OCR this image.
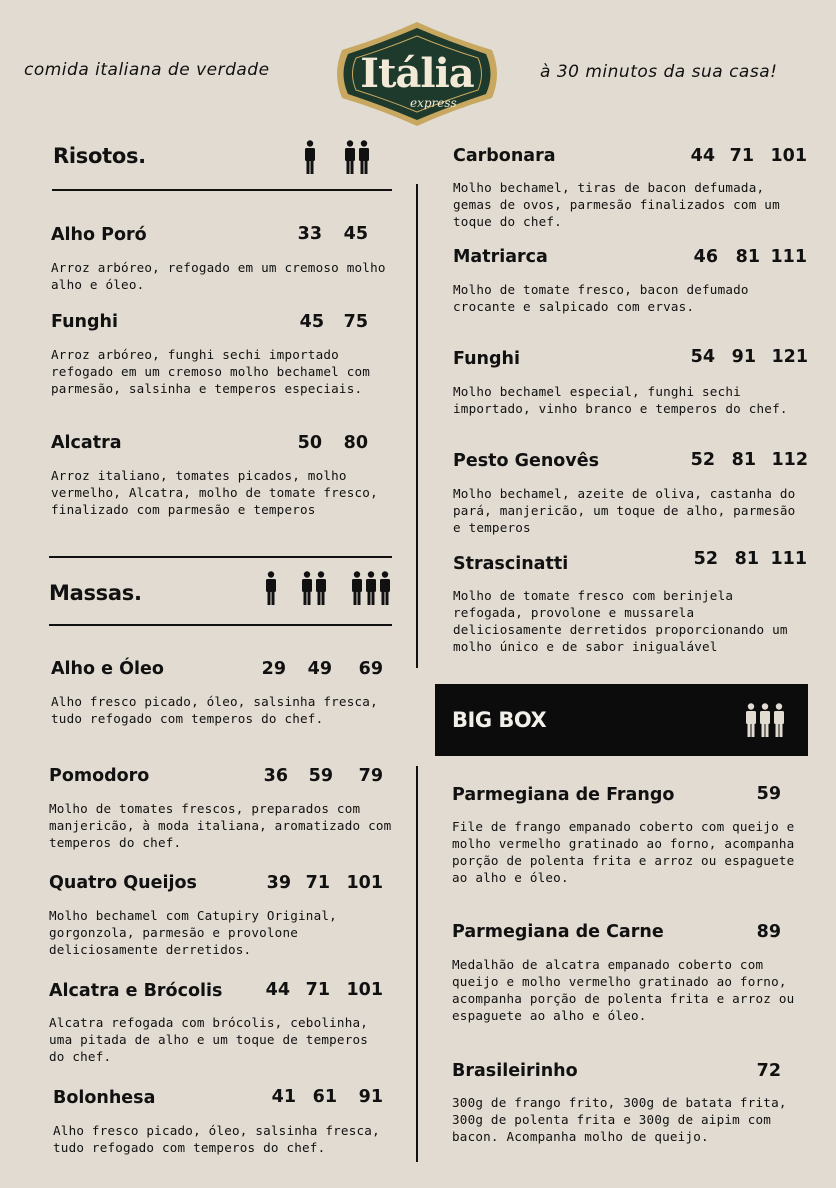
comida italiana de verdade	à 30 minutos da sua casa!
Itália
express
Risotos.
Alho Poró	33	45
Arroz arbóreo, refogado em um cremoso molho alho e óleo.
Funghi	45	75
Arroz arbóreo, funghi sechi importado refogado em um cremoso molho bechamel com parmesão, salsinha e temperos especiais.
Alcatra	50	80
Arroz italiano, tomates picados, molho vermelho, Alcatra, molho de tomate fresco, finalizado com parmesão e temperos
Massas.
Alho e Óleo	29	49	69
Alho fresco picado, óleo, salsinha fresca, tudo refogado com temperos do chef.
Pomodoro	36	59	79
Molho de tomates frescos, preparados com manjericão, à moda italiana, aromatizado com temperos do chef.
Quatro Queijos	39 71 101
Molho bechamel com Catupiry Original, gorgonzola, parmesão e provolone deliciosamente derretidos.
Alcatra e Brócolis	44 71 101
Alcatra refogada com brócolis, cebolinha, uma pitada de alho e um toque de temperos do chef.
Bolonhesa	41 61	91
Alho fresco picado, óleo, salsinha fresca, tudo refogado com temperos do chef.
Carbonara	44 71 101
Molho bechamel, tiras de bacon defumada, gemas de ovos, parmesão finalizados com um toque do chef.
Matriarca	46	81 111
Molho de tomate fresco, bacon defumado crocante e salpicado com ervas.
Funghi	54 91 121
Molho bechamel especial, funghi sechi importado, vinho branco e temperos do chef.
Pesto Genovês	52 81 112
Molho bechamel, azeite de oliva, castanha do pará, manjericão, um toque de alho, parmesão e temperos
Strascinatti	52 81 111
Molho de tomate fresco com berinjela refogada, provolone e mussarela deliciosamente derretidos proporcionando um molho único e de sabor inigualável
BIG BOX
Parmegiana de Frango	59
File de frango empanado coberto com queijo e molho vermelho gratinado ao forno, acompanha porção de polenta frita e arroz ou espaguete ao alho e óleo.
Parmegiana de Carne	89
Medalhão de alcatra empanado coberto com queijo e molho vermelho gratinado ao forno, acompanha porção de polenta frita e arroz ou espaguete ao alho e óleo.
Brasileirinho	72
300g de frango frito, 300g de batata frita, 300g de polenta frita e 300g de aipim com bacon. Acompanha molho de queijo.
